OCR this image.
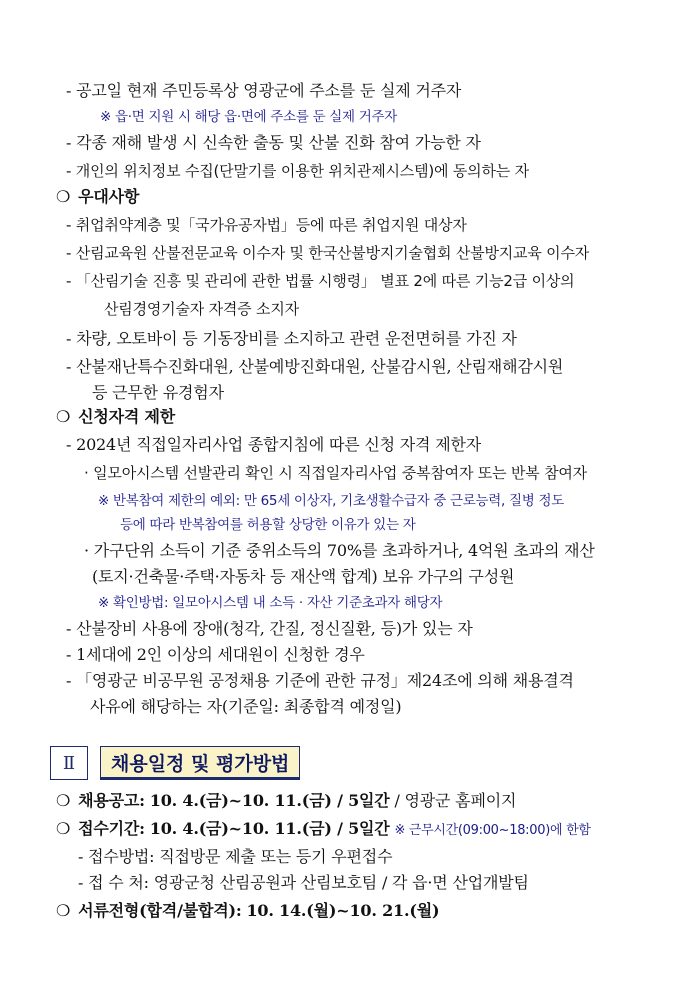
- 공고일 현재 주민등록상 영광군에 주소를 둔 실제 거주자
※ 읍·면 지원 시 해당 읍·면에 주소를 둔 실제 거주자
- 각종 재해 발생 시 신속한 출동 및 산불 진화 참여 가능한 자
- 개인의 위치정보 수집(단말기를 이용한 위치관제시스템)에 동의하는 자
❍ 우대사항
- 취업취약계층 및「국가유공자법」등에 따른 취업지원 대상자
- 산림교육원 산불전문교육 이수자 및 한국산불방지기술협회 산불방지교육 이수자
- 「산림기술 진흥 및 관리에 관한 법률 시행령」 별표 2에 따른 기능2급 이상의
산림경영기술자 자격증 소지자
- 차량, 오토바이 등 기동장비를 소지하고 관련 운전면허를 가진 자
- 산불재난특수진화대원, 산불예방진화대원, 산불감시원, 산림재해감시원
등 근무한 유경험자
❍ 신청자격 제한
- 2024년 직접일자리사업 종합지침에 따른 신청 자격 제한자
· 일모아시스템 선발관리 확인 시 직접일자리사업 중복참여자 또는 반복 참여자
※ 반복참여 제한의 예외: 만 65세 이상자, 기초생활수급자 중 근로능력, 질병 정도
등에 따라 반복참여를 허용할 상당한 이유가 있는 자
· 가구단위 소득이 기준 중위소득의 70%를 초과하거나, 4억원 초과의 재산
(토지·건축물·주택·자동차 등 재산액 합계) 보유 가구의 구성원
※ 확인방법: 일모아시스템 내 소득 · 자산 기준초과자 해당자
- 산불장비 사용에 장애(청각, 간질, 정신질환, 등)가 있는 자
- 1세대에 2인 이상의 세대원이 신청한 경우
- 「영광군 비공무원 공정채용 기준에 관한 규정」제24조에 의해 채용결격
사유에 해당하는 자(기준일: 최종합격 예정일)
Ⅱ	채용일정 및 평가방법
❍ 채용공고: 10. 4.(금)~10. 11.(금) / 5일간 / 영광군 홈페이지
❍ 접수기간: 10. 4.(금)~10. 11.(금) / 5일간 ※ 근무시간(09:00~18:00)에 한함
- 접수방법: 직접방문 제출 또는 등기 우편접수
- 접 수 처: 영광군청 산림공원과 산림보호팀 / 각 읍·면 산업개발팀
❍ 서류전형(합격/불합격): 10. 14.(월)~10. 21.(월)
